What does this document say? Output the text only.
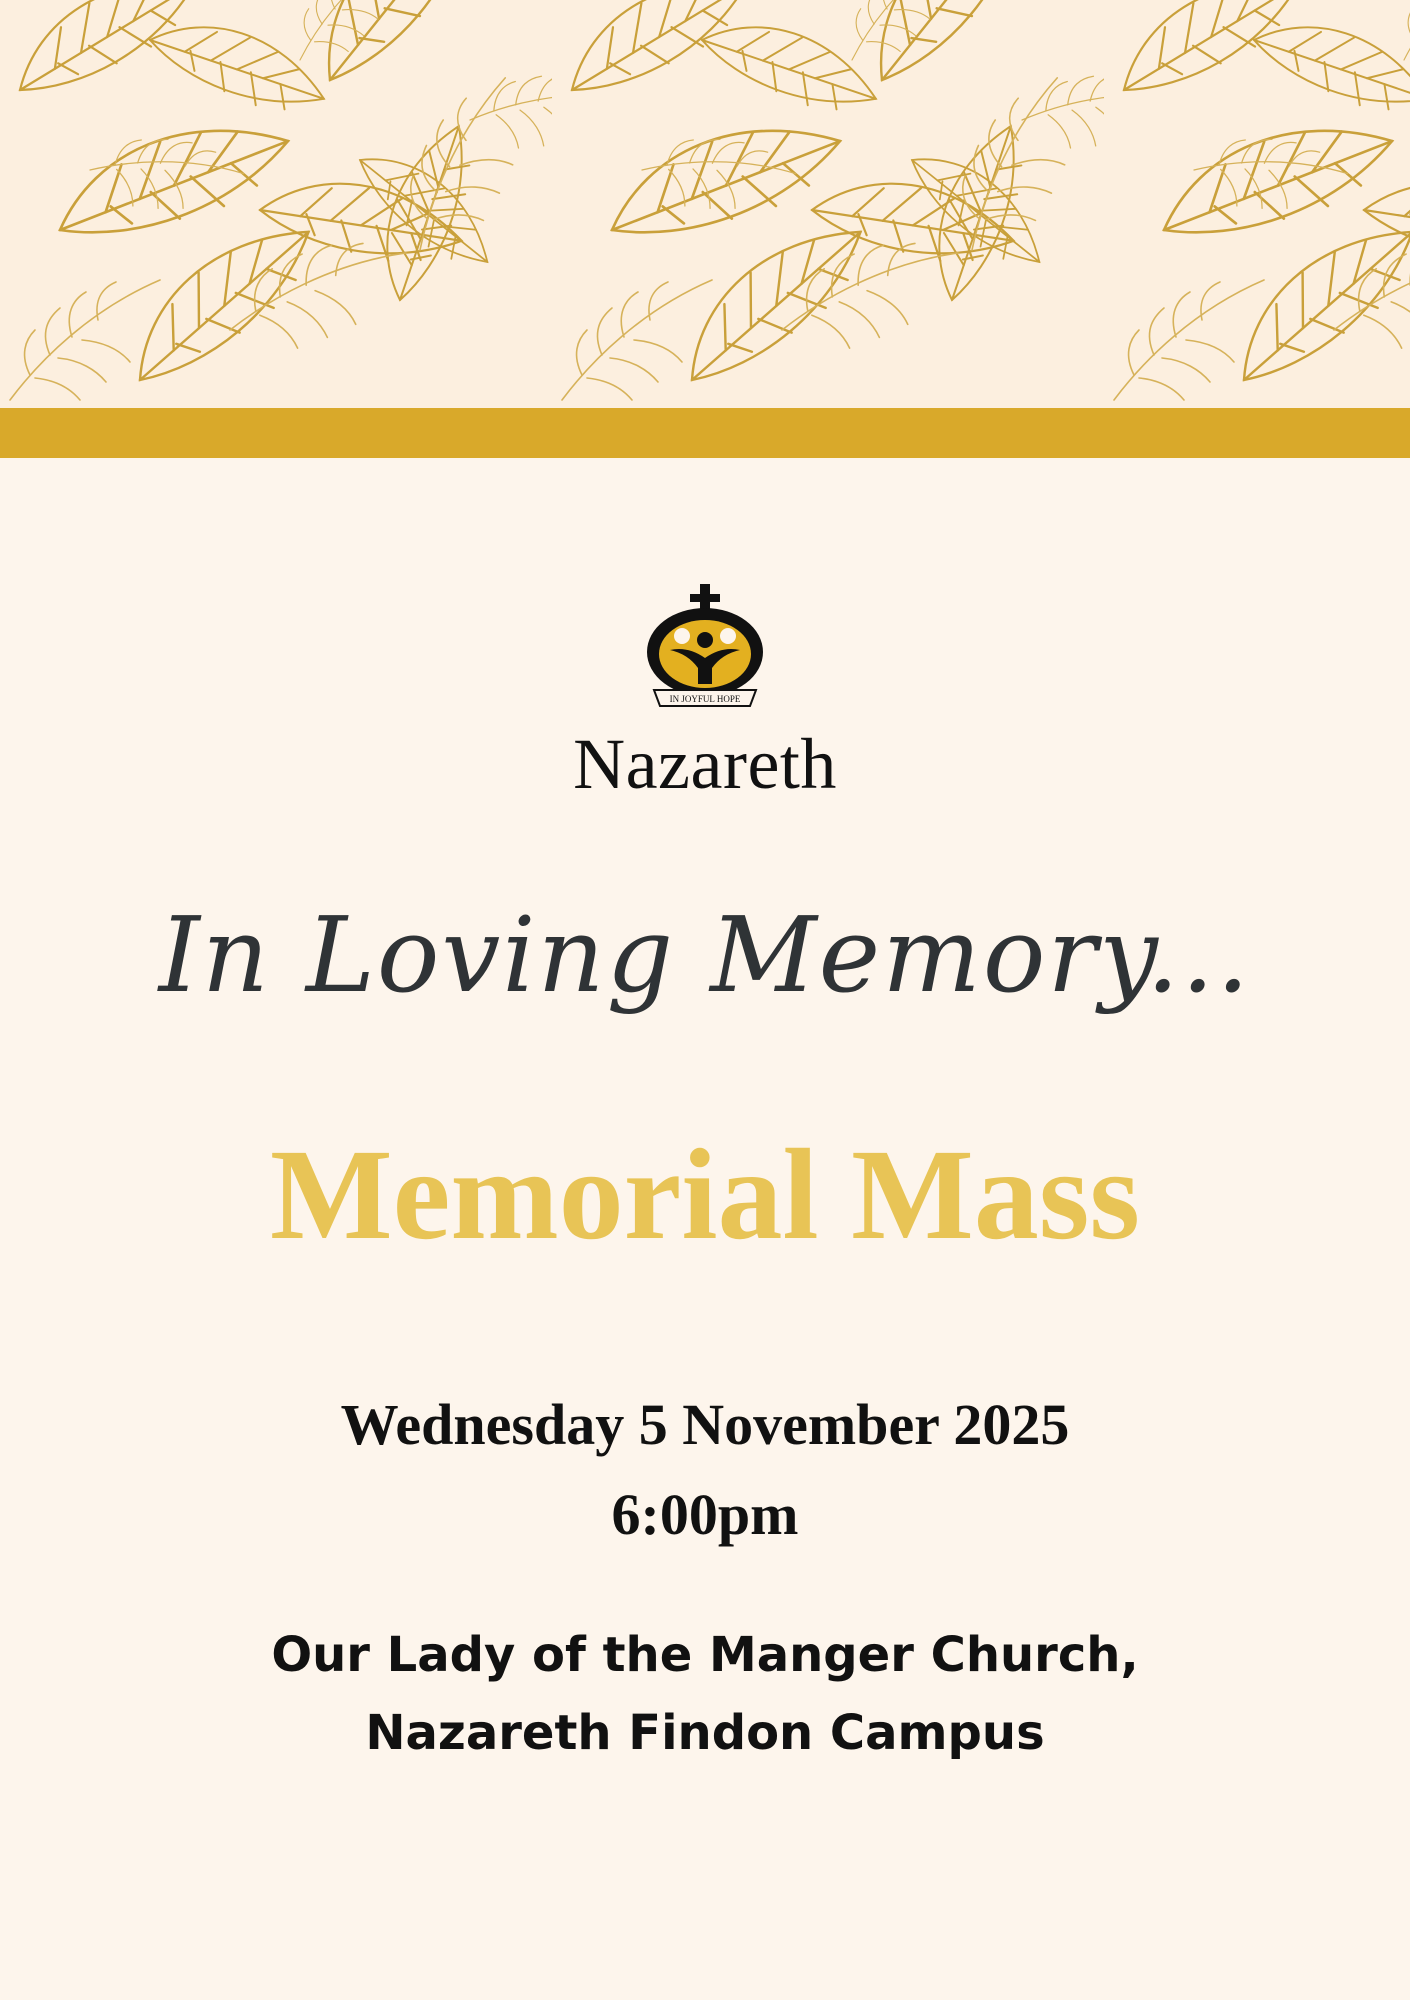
IN JOYFUL HOPE
Nazareth
In Loving Memory...
Memorial Mass
Wednesday 5 November 2025
6:00pm
Our Lady of the Manger Church,
Nazareth Findon Campus
